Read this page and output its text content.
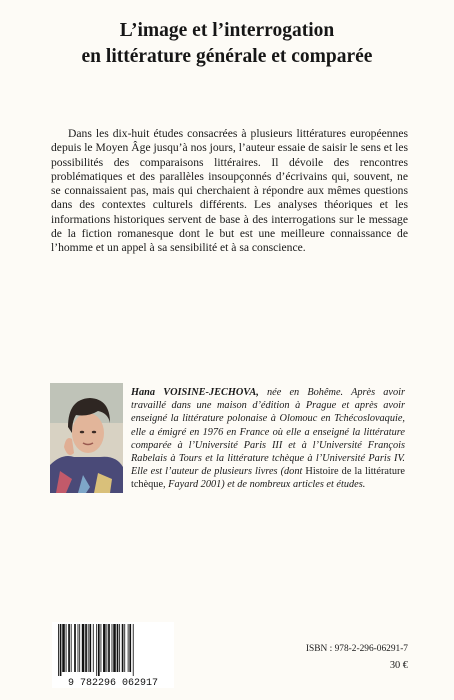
L’image et l’interrogation
en littérature générale et comparée

Dans les dix-huit études consacrées à plusieurs littératures européennes depuis le Moyen Âge jusqu’à nos jours, l’auteur essaie de saisir le sens et les possibilités des comparaisons littéraires. Il dévoile des rencontres problématiques et des parallèles insoupçonnés d’écrivains qui, souvent, ne se connaissaient pas, mais qui cherchaient à répondre aux mêmes questions dans des contextes culturels différents. Les analyses théoriques et les informations historiques servent de base à des interrogations sur le message de la fiction romanesque dont le but est une meilleure connaissance de l’homme et un appel à sa sensibilité et à sa conscience.

Hana VOISINE-JECHOVA, née en Bohême. Après avoir travaillé dans une maison d’édition à Prague et après avoir enseigné la littérature polonaise à Olomouc en Tchécoslovaquie, elle a émigré en 1976 en France où elle a enseigné la littérature comparée à l’Université Paris III et à l’Université François Rabelais à Tours et la littérature tchèque à l’Université Paris IV. Elle est l’auteur de plusieurs livres (dont Histoire de la littérature tchèque, Fayard 2001) et de nombreux articles et études.

9 782296 062917
ISBN : 978-2-296-06291-7
30 €
